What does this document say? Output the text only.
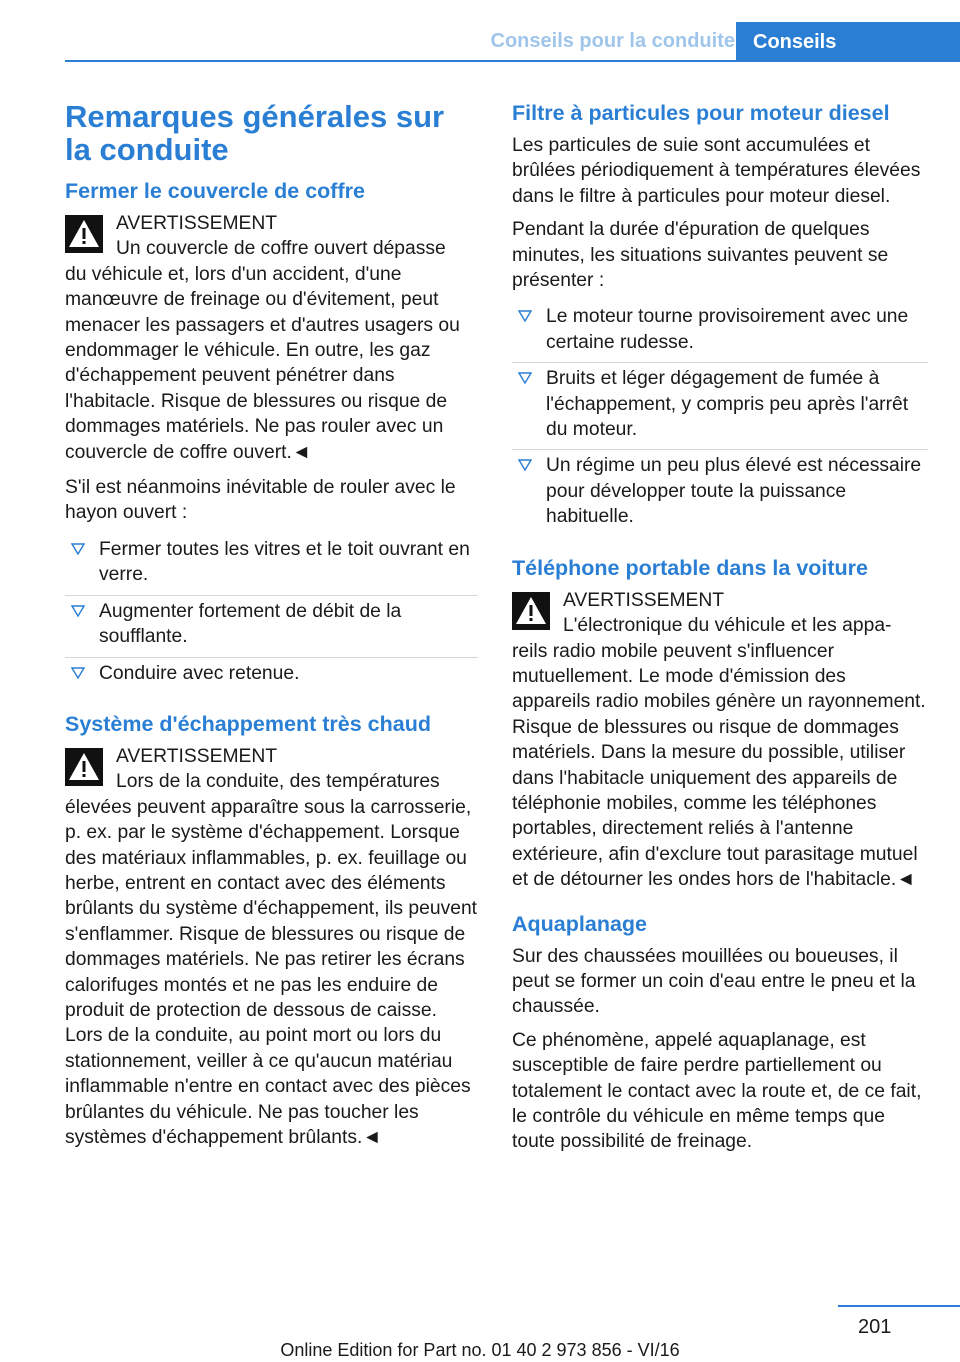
Conseils pour la conduite Conseils
Remarques générales sur la conduite
Fermer le couvercle de coffre
AVERTISSEMENT
Un couvercle de coffre ouvert dépasse
du véhicule et, lors d'un accident, d'une manœuvre de freinage ou d'évitement, peut menacer les passagers et d'autres usagers ou endommager le véhicule. En outre, les gaz d'échappement peuvent pénétrer dans l'habitacle. Risque de blessures ou risque de dommages matériels. Ne pas rouler avec un couvercle de coffre ouvert.◄

S'il est néanmoins inévitable de rouler avec le hayon ouvert :

Fermer toutes les vitres et le toit ouvrant en verre.
Augmenter fortement de débit de la soufflante.
Conduire avec retenue.
Système d'échappement très chaud
AVERTISSEMENT
Lors de la conduite, des températures
élevées peuvent apparaître sous la carrosserie, p. ex. par le système d'échappement. Lorsque des matériaux inflammables, p. ex. feuillage ou herbe, entrent en contact avec des éléments brûlants du système d'échappement, ils peuvent s'enflammer. Risque de blessures ou risque de dommages matériels. Ne pas retirer les écrans calorifuges montés et ne pas les enduire de produit de protection de dessous de caisse. Lors de la conduite, au point mort ou lors du stationnement, veiller à ce qu'aucun matériau inflammable n'entre en contact avec des pièces brûlantes du véhicule. Ne pas toucher les systèmes d'échappement brûlants.◄
Filtre à particules pour moteur diesel

Les particules de suie sont accumulées et brûlées périodiquement à températures élevées dans le filtre à particules pour moteur diesel.

Pendant la durée d'épuration de quelques minutes, les situations suivantes peuvent se présenter :

Le moteur tourne provisoirement avec une certaine rudesse.
Bruits et léger dégagement de fumée à l'échappement, y compris peu après l'arrêt du moteur.
Un régime un peu plus élevé est nécessaire pour développer toute la puissance habituelle.
Téléphone portable dans la voiture
AVERTISSEMENT
L'électronique du véhicule et les appa-
reils radio mobile peuvent s'influencer mutuellement. Le mode d'émission des appareils radio mobiles génère un rayonnement. Risque de blessures ou risque de dommages matériels. Dans la mesure du possible, utiliser dans l'habitacle uniquement des appareils de téléphonie mobiles, comme les téléphones portables, directement reliés à l'antenne extérieure, afin d'exclure tout parasitage mutuel et de détourner les ondes hors de l'habitacle.◄
Aquaplanage

Sur des chaussées mouillées ou boueuses, il peut se former un coin d'eau entre le pneu et la chaussée.

Ce phénomène, appelé aquaplanage, est susceptible de faire perdre partiellement ou totalement le contact avec la route et, de ce fait, le contrôle du véhicule en même temps que toute possibilité de freinage.

201
Online Edition for Part no. 01 40 2 973 856 - VI/16
